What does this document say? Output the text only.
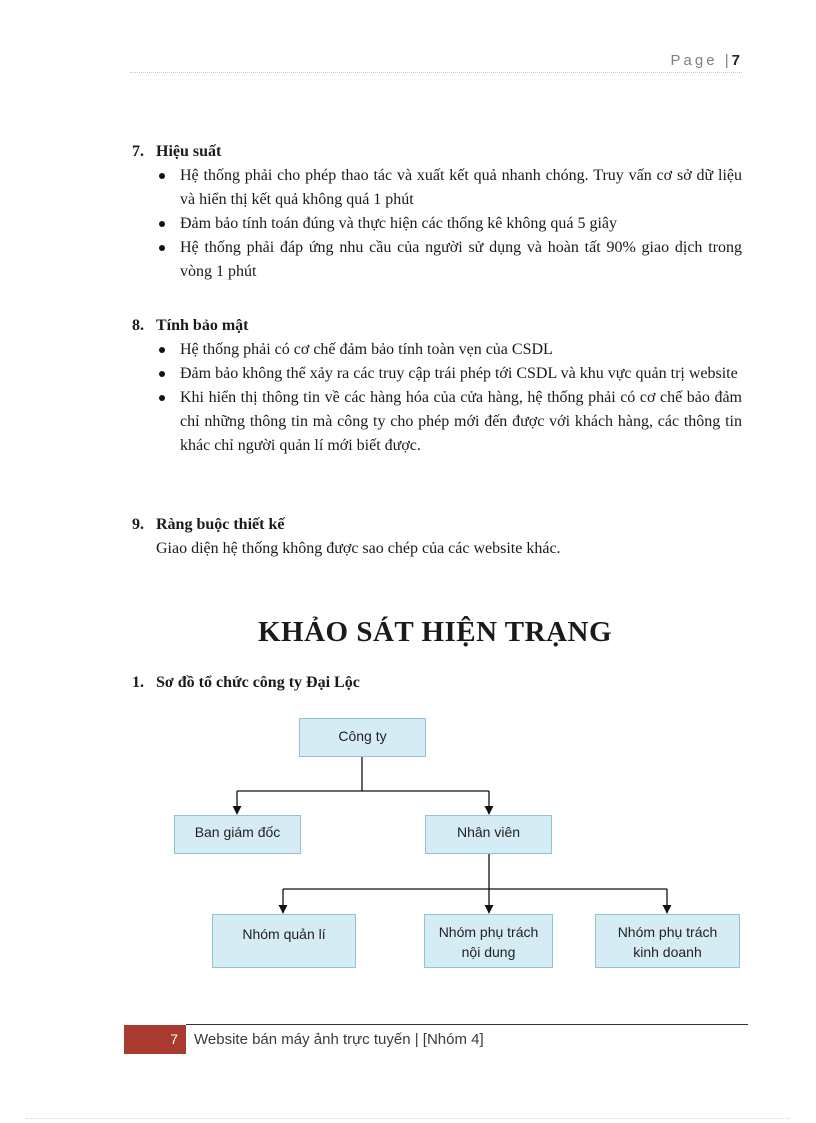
Page |7
7. Hiệu suất
Hệ thống phải cho phép thao tác và xuất kết quả nhanh chóng. Truy vấn cơ sở dữ liệu và hiển thị kết quả không quá 1 phút
Đảm bảo tính toán đúng và thực hiện các thống kê không quá 5 giây
Hệ thống phải đáp ứng nhu cầu của người sử dụng và hoàn tất 90% giao dịch trong vòng 1 phút
8. Tính bảo mật
Hệ thống phải có cơ chế đảm bảo tính toàn vẹn của CSDL
Đảm bảo không thể xảy ra các truy cập trái phép tới CSDL và khu vực quản trị website
Khi hiển thị thông tin về các hàng hóa của cửa hàng, hệ thống phải có cơ chế bảo đảm chỉ những thông tin mà công ty cho phép mới đến được với khách hàng, các thông tin khác chỉ người quản lí mới biết được.
9. Ràng buộc thiết kế
Giao diện hệ thống không được sao chép của các website khác.
KHẢO SÁT HIỆN TRẠNG
1. Sơ đồ tổ chức công ty Đại Lộc
Công ty
Ban giám đốc	Nhân viên
Nhóm quản lí	Nhóm phụ trách
nội dung
Nhóm phụ trách
kinh doanh
7	Website bán máy ảnh trực tuyến | [Nhóm 4]
